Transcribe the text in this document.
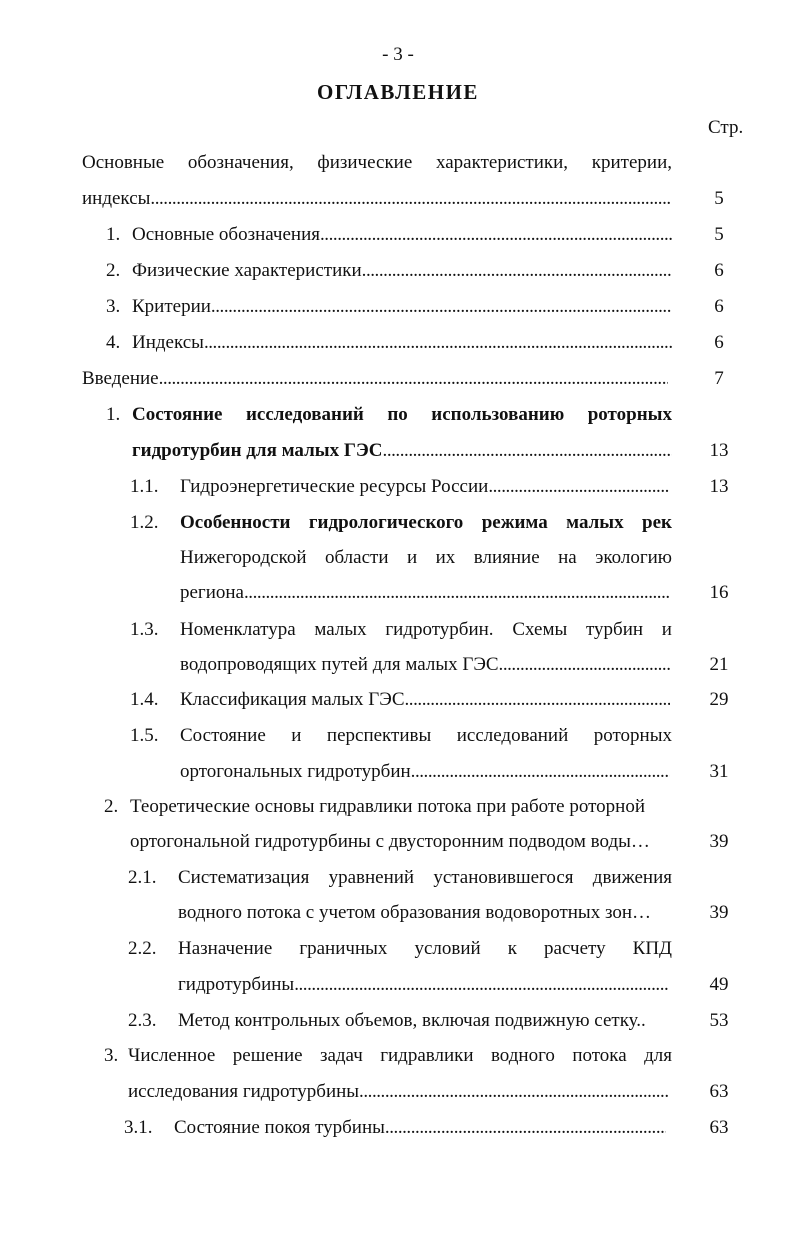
- 3 -
ОГЛАВЛЕНИЕ
Стр.
Основные обозначения, физические характеристики, критерии,
индексы . . .	5
1. Основные обозначения . . .	5
2. Физические характеристики . . .	6
3. Критерии . . .	6
4. Индексы . . .	6
Введение . . .	7
1. Состояние исследований по использованию роторных
гидротурбин для малых ГЭС . . .	13
1.1. Гидроэнергетические ресурсы России . . .	13
1.2. Особенности гидрологического режима малых рек
Нижегородской области и их влияние на экологию
региона . . .	16
1.3. Номенклатура малых гидротурбин. Схемы турбин и
водопроводящих путей для малых ГЭС . . .	21
1.4. Классификация малых ГЭС . . .	29
1.5. Состояние и перспективы исследований роторных
ортогональных гидротурбин . . .	31
2. Теоретические основы гидравлики потока при работе роторной
ортогональной гидротурбины с двусторонним подводом воды…	39
2.1. Систематизация уравнений установившегося движения
водного потока с учетом образования водоворотных зон…	39
2.2. Назначение граничных условий к расчету КПД
гидротурбины . . .	49
2.3. Метод контрольных объемов, включая подвижную сетку..	53
3. Численное решение задач гидравлики водного потока для
исследования гидротурбины . . .	63
3.1. Состояние покоя турбины . . .	63
